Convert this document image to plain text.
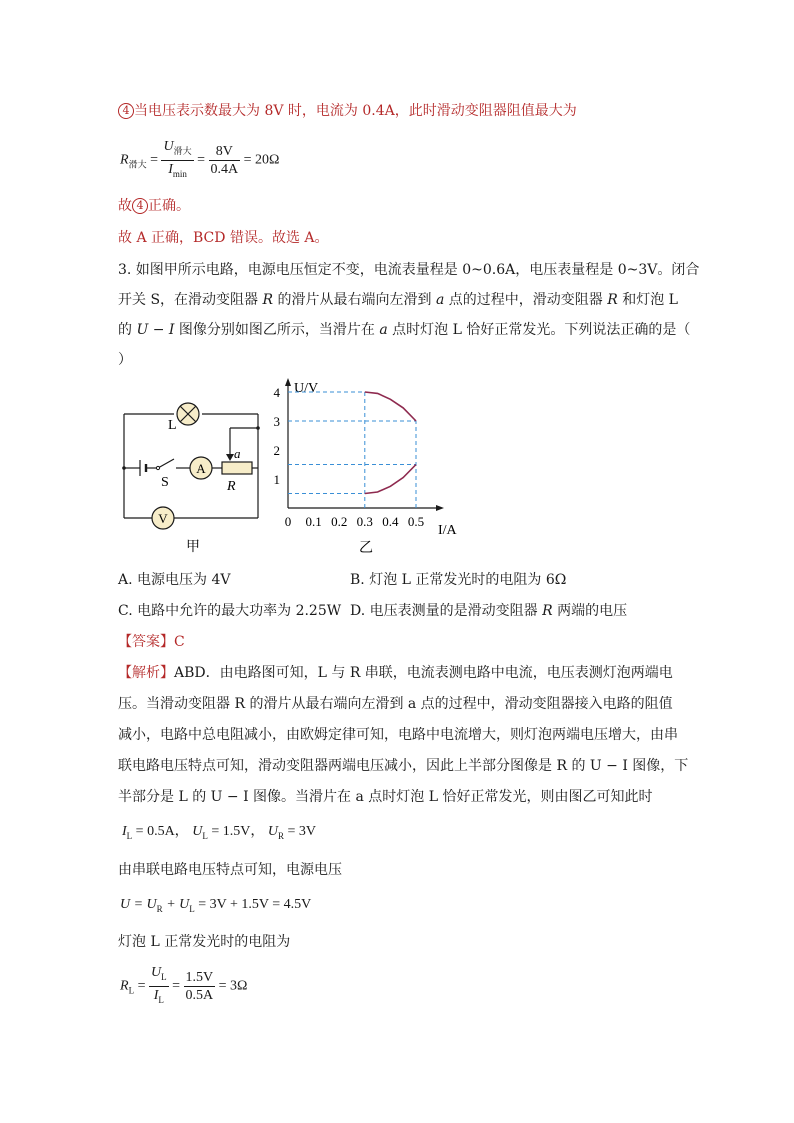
4 当电压表示数最大为 8V 时，电流为 0.4A，此时滑动变阻器阻值最大为
$R_{滑大} = \frac{U_{滑大}}{I_{min}} = \frac{8V}{0.4A} = 20\Omega$
故 4 正确。
故 A 正确，BCD 错误。故选 A。
3. 如图甲所示电路，电源电压恒定不变，电流表量程是 0~0.6A，电压表量程是 0~3V。闭合
开关 S，在滑动变阻器 R 的滑片从最右端向左滑到 a 点的过程中，滑动变阻器 R 和灯泡 L
的 U − I 图像分别如图乙所示，当滑片在 a 点时灯泡 L 恰好正常发光。下列说法正确的是（
）
A
V
L
S	R
a
甲
U/V
I/A
乙
0 0.1 0.2 0.3 0.4 0.5
1
2
3
4
A. 电源电压为 4V	B. 灯泡 L 正常发光时的电阻为 6Ω
C. 电路中允许的最大功率为 2.25W D. 电压表测量的是滑动变阻器 R 两端的电压
【答案】C
【解析】ABD．由电路图可知，L 与 R 串联，电流表测电路中电流，电压表测灯泡两端电
压。当滑动变阻器 R 的滑片从最右端向左滑到 a 点的过程中，滑动变阻器接入电路的阻值
减小，电路中总电阻减小，由欧姆定律可知，电路中电流增大，则灯泡两端电压增大，由串
联电路电压特点可知，滑动变阻器两端电压减小，因此上半部分图像是 R 的 U − I 图像，下
半部分是 L 的 U − I 图像。当滑片在 a 点时灯泡 L 恰好正常发光，则由图乙可知此时
$I_L = 0.5A$， $U_L = 1.5V$， $U_R = 3V$
由串联电路电压特点可知，电源电压
$U = U_R + U_L = 3V + 1.5V = 4.5V$
灯泡 L 正常发光时的电阻为
$R_L = \frac{U_L}{I_L} = \frac{1.5V}{0.5A} = 3\Omega$
